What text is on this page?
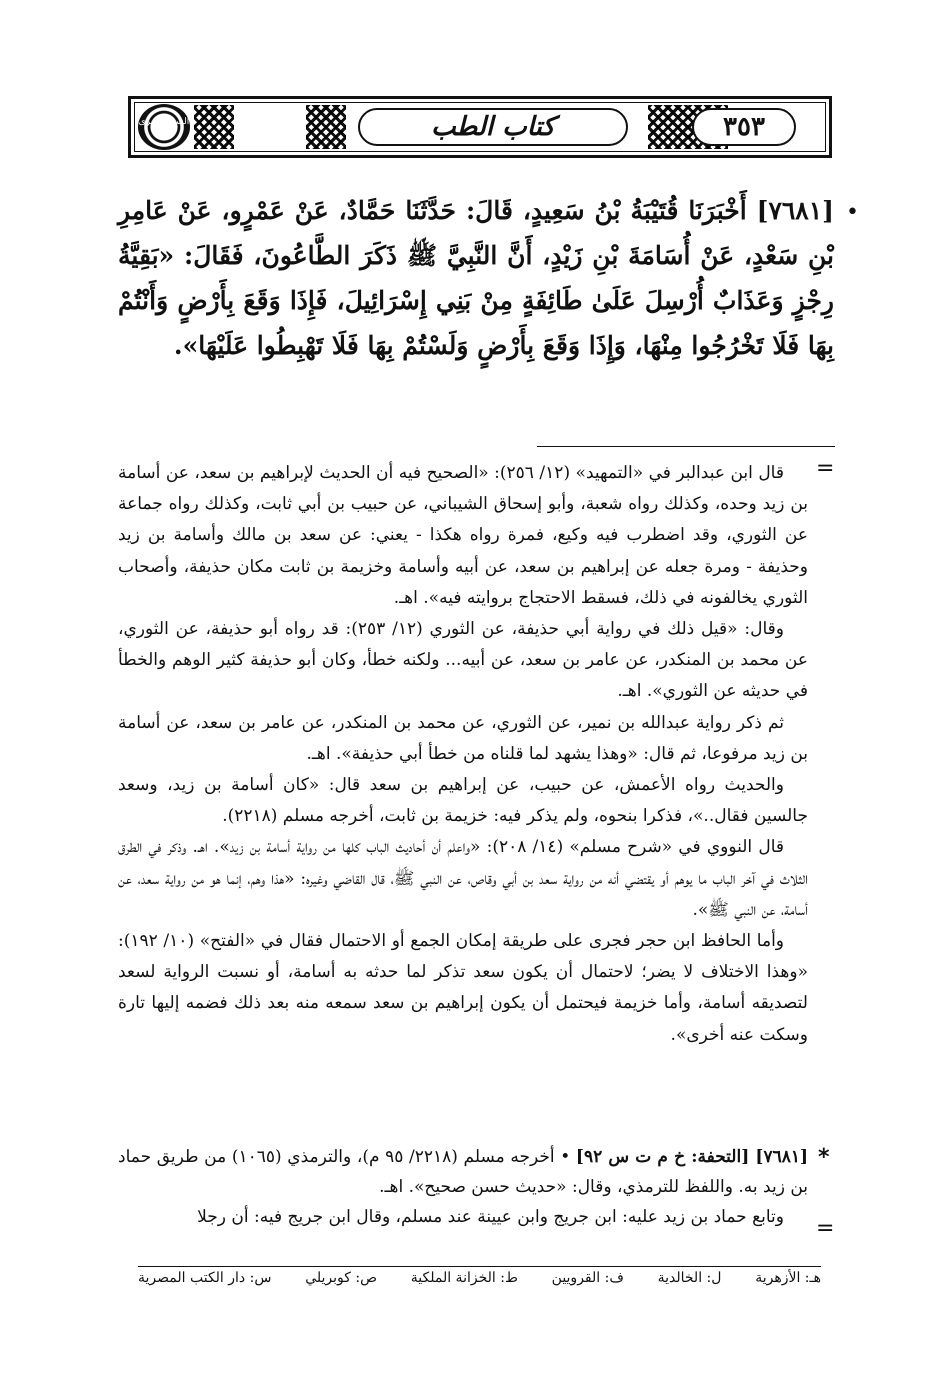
السنن الكبرى	كتاب الطب	٣٥٣
•
[٧٦٨١] أَخْبَرَنَا قُتَيْبَةُ بْنُ سَعِيدٍ، قَالَ: حَدَّثَنَا حَمَّادٌ، عَنْ عَمْرٍو، عَنْ عَامِرِ بْنِ سَعْدٍ، عَنْ أُسَامَةَ بْنِ زَيْدٍ، أَنَّ النَّبِيَّ ﷺ ذَكَرَ الطَّاعُونَ، فَقَالَ: «بَقِيَّةُ رِجْزٍ وَعَذَابٌ أُرْسِلَ عَلَىٰ طَائِفَةٍ مِنْ بَنِي إِسْرَائِيلَ، فَإِذَا وَقَعَ بِأَرْضٍ وَأَنْتُمْ بِهَا فَلَا تَخْرُجُوا مِنْهَا، وَإِذَا وَقَعَ بِأَرْضٍ وَلَسْتُمْ بِهَا فَلَا تَهْبِطُوا عَلَيْهَا».
=

قال ابن عبدالبر في «التمهيد» (١٢/ ٢٥٦): «الصحيح فيه أن الحديث لإبراهيم بن سعد، عن أسامة بن زيد وحده، وكذلك رواه شعبة، وأبو إسحاق الشيباني، عن حبيب بن أبي ثابت، وكذلك رواه جماعة عن الثوري، وقد اضطرب فيه وكيع، فمرة رواه هكذا - يعني: عن سعد بن مالك وأسامة بن زيد وحذيفة - ومرة جعله عن إبراهيم بن سعد، عن أبيه وأسامة وخزيمة بن ثابت مكان حذيفة، وأصحاب الثوري يخالفونه في ذلك، فسقط الاحتجاج بروايته فيه». اهـ.

وقال: «قيل ذلك في رواية أبي حذيفة، عن الثوري (١٢/ ٢٥٣): قد رواه أبو حذيفة، عن الثوري، عن محمد بن المنكدر، عن عامر بن سعد، عن أبيه... ولكنه خطأ، وكان أبو حذيفة كثير الوهم والخطأ في حديثه عن الثوري». اهـ.

ثم ذكر رواية عبدالله بن نمير، عن الثوري، عن محمد بن المنكدر، عن عامر بن سعد، عن أسامة بن زيد مرفوعا، ثم قال: «وهذا يشهد لما قلناه من خطأ أبي حذيفة». اهـ.

والحديث رواه الأعمش، عن حبيب، عن إبراهيم بن سعد قال: «كان أسامة بن زيد، وسعد جالسين فقال..»، فذكرا بنحوه، ولم يذكر فيه: خزيمة بن ثابت، أخرجه مسلم (٢٢١٨).

قال النووي في «شرح مسلم» (١٤/ ٢٠٨): «واعلم أن أحاديث الباب كلها من رواية أسامة بن زيد». اهـ. وذكر في الطرق الثلاث في آخر الباب ما يوهم أو يقتضي أنه من رواية سعد بن أبي وقاص، عن النبي ﷺ، قال القاضي وغيره: «هذا وهم، إنما هو من رواية سعد، عن أسامة، عن النبي ﷺ».

وأما الحافظ ابن حجر فجرى على طريقة إمكان الجمع أو الاحتمال فقال في «الفتح» (١٠/ ١٩٢): «وهذا الاختلاف لا يضر؛ لاحتمال أن يكون سعد تذكر لما حدثه به أسامة، أو نسبت الرواية لسعد لتصديقه أسامة، وأما خزيمة فيحتمل أن يكون إبراهيم بن سعد سمعه منه بعد ذلك فضمه إليها تارة وسكت عنه أخرى».

*

[٧٦٨١] [التحفة: خ م ت س ٩٢] • أخرجه مسلم (٢٢١٨/ ٩٥ م)، والترمذي (١٠٦٥) من طريق حماد بن زيد به. واللفظ للترمذي، وقال: «حديث حسن صحيح». اهـ.

وتابع حماد بن زيد عليه: ابن جريج وابن عيينة عند مسلم، وقال ابن جريج فيه: أن رجلا	=
س: دار الكتب المصرية ص: كوبريلي ط: الخزانة الملكية ف: القرويين ل: الخالدية هـ: الأزهرية
